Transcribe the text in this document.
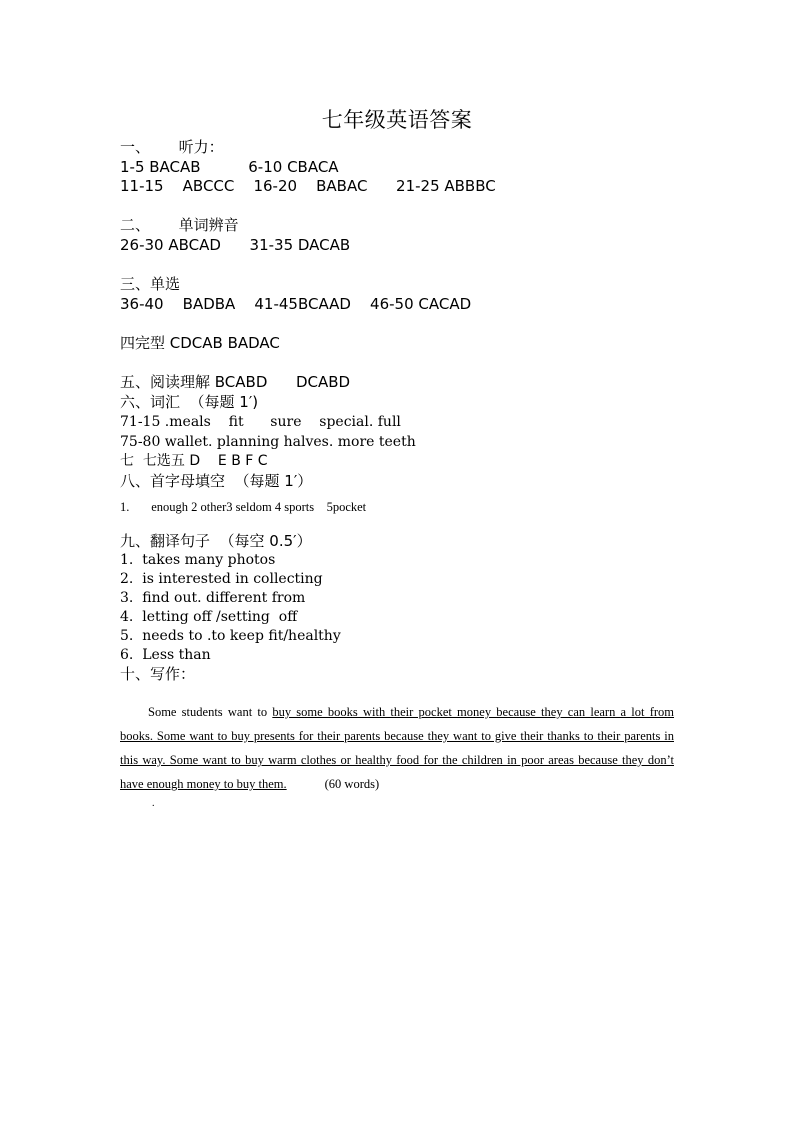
七年级英语答案
一、      听力：
1-5 BACAB          6-10 CBACA
11-15    ABCCC    16-20    BABAC      21-25 ABBBC
二、      单词辨音
26-30 ABCAD      31-35 DACAB
三、单选
36-40    BADBA    41-45BCAAD    46-50 CACAD
四完型 CDCAB BADAC
五、阅读理解 BCABD      DCABD
六、词汇  （每题 1′)
71-15 .meals    fit      sure    special. full
75-80 wallet. planning halves. more teeth
七  七选五 D    E B F C
八、首字母填空  （每题 1′）
1.       enough 2 other3 seldom 4 sports    5pocket
九、翻译句子  （每空 0.5′）
1.  takes many photos
2.  is interested in collecting
3.  find out. different from
4.  letting off /setting  off
5.  needs to .to keep fit/healthy
6.  Less than
十、写作：
Some students want to buy some books with their pocket money because they can learn a lot from books. Some want to buy presents for their parents because they want to give their thanks to their parents in this way. Some want to buy warm clothes or healthy food for the children in poor areas because they don’t have enough money to buy them.	(60 words)
.
